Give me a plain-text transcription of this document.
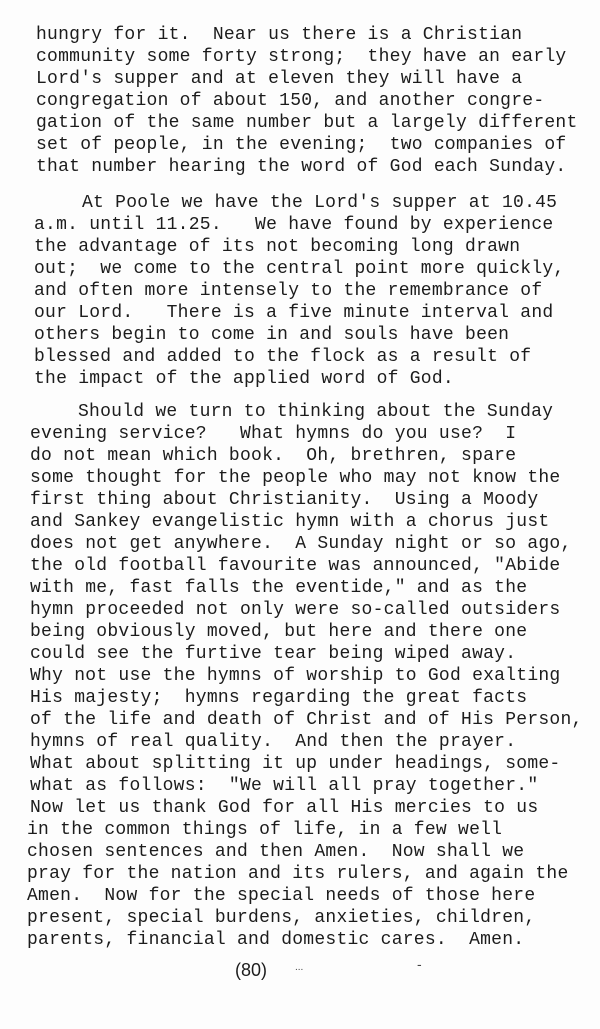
hungry for it.  Near us there is a Christian
community some forty strong;  they have an early
Lord's supper and at eleven they will have a
congregation of about 150, and another congre-
gation of the same number but a largely different
set of people, in the evening;  two companies of
that number hearing the word of God each Sunday.
At Poole we have the Lord's supper at 10.45
a.m. until 11.25.   We have found by experience
the advantage of its not becoming long drawn
out;  we come to the central point more quickly,
and often more intensely to the remembrance of
our Lord.   There is a five minute interval and
others begin to come in and souls have been
blessed and added to the flock as a result of
the impact of the applied word of God.
Should we turn to thinking about the Sunday
evening service?   What hymns do you use?  I
do not mean which book.  Oh, brethren, spare
some thought for the people who may not know the
first thing about Christianity.  Using a Moody
and Sankey evangelistic hymn with a chorus just
does not get anywhere.  A Sunday night or so ago,
the old football favourite was announced, "Abide
with me, fast falls the eventide," and as the
hymn proceeded not only were so-called outsiders
being obviously moved, but here and there one
could see the furtive tear being wiped away.
Why not use the hymns of worship to God exalting
His majesty;  hymns regarding the great facts
of the life and death of Christ and of His Person,
hymns of real quality.  And then the prayer.
What about splitting it up under headings, some-
what as follows:  "We will all pray together."
Now let us thank God for all His mercies to us
in the common things of life, in a few well
chosen sentences and then Amen.  Now shall we
pray for the nation and its rulers, and again the
Amen.  Now for the special needs of those here
present, special burdens, anxieties, children,
parents, financial and domestic cares.  Amen.
(80)	...	-
